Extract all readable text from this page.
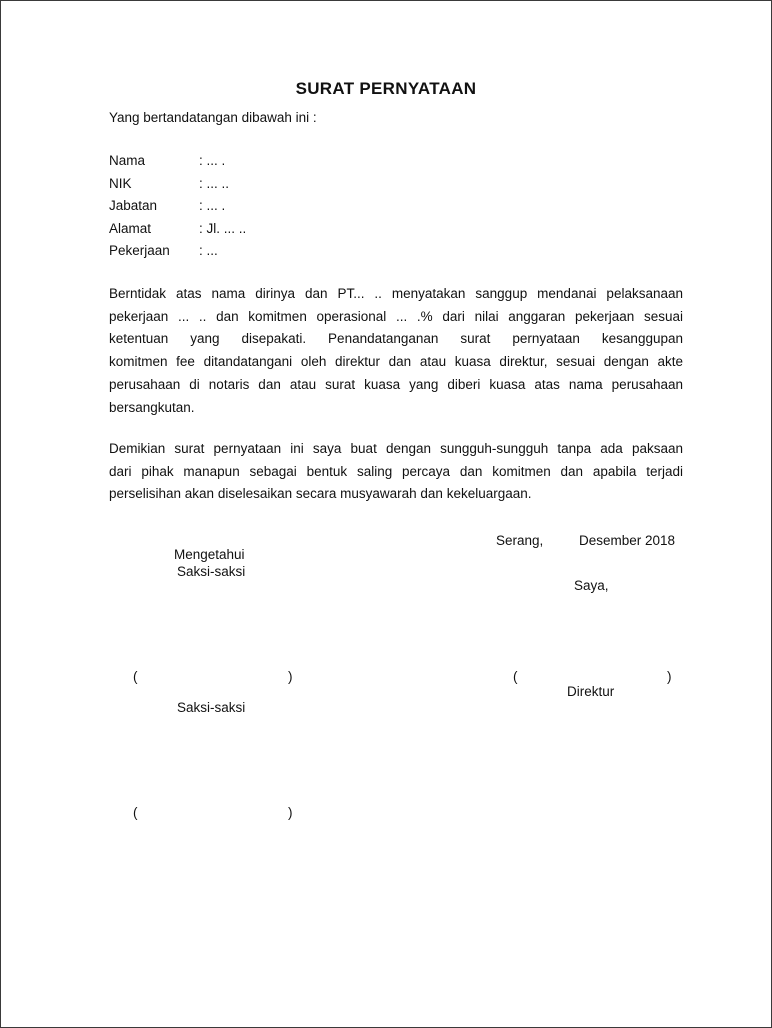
SURAT PERNYATAAN
Yang bertandatangan dibawah ini :
Nama	: ... .
NIK	: ... ..
Jabatan	: ... .
Alamat	: Jl. ... ..
Pekerjaan : ...
Berntidak atas nama dirinya dan PT... .. menyatakan sanggup mendanai pelaksanaan
pekerjaan ... .. dan komitmen operasional ... .% dari nilai anggaran pekerjaan sesuai
ketentuan yang disepakati. Penandatanganan surat pernyataan kesanggupan
komitmen fee ditandatangani oleh direktur dan atau kuasa direktur, sesuai dengan akte
perusahaan di notaris dan atau surat kuasa yang diberi kuasa atas nama perusahaan
bersangkutan.
Demikian surat pernyataan ini saya buat dengan sungguh-sungguh tanpa ada paksaan
dari pihak manapun sebagai bentuk saling percaya dan komitmen dan apabila terjadi
perselisihan akan diselesaikan secara musyawarah dan kekeluargaan.
Serang,	Desember 2018
Mengetahui
Saksi-saksi
Saya,
(	)	(	)
Direktur
Saksi-saksi
(	)
